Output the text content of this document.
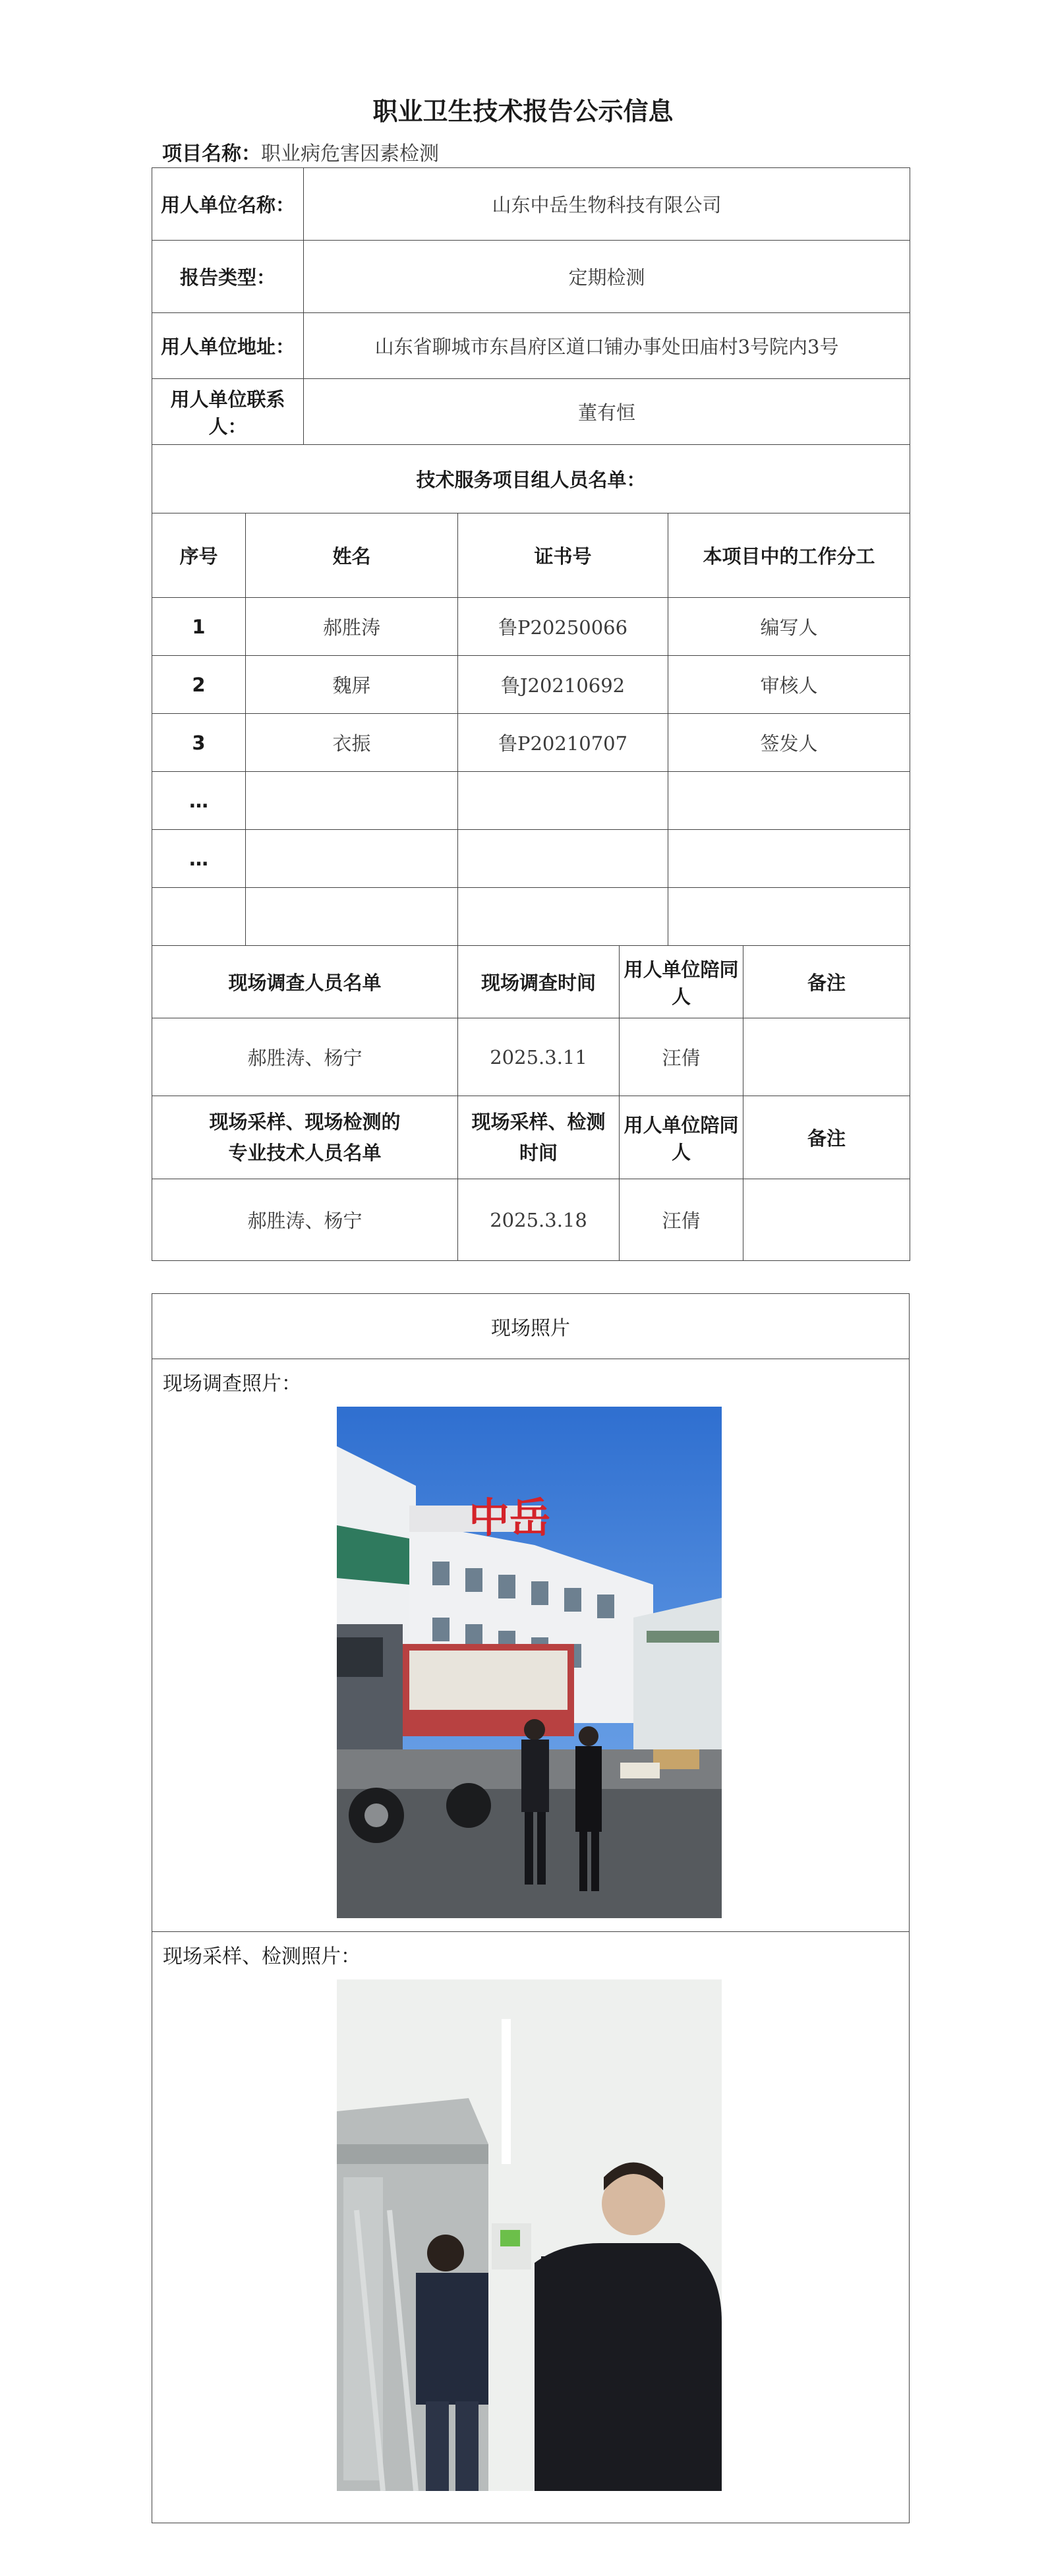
职业卫生技术报告公示信息
项目名称：职业病危害因素检测
用人单位名称：		山东中岳生物科技有限公司				
报告类型：		定期检测				
用人单位地址：		山东省聊城市东昌府区道口铺办事处田庙村3号院内3号				
用人单位联系人：		董有恒				
技术服务项目组人员名单：						
序号	姓名		证书号		本项目中的工作分工	
1	郝胜涛		鲁P20250066		编写人	
2	魏屏		鲁J20210692		审核人	
3	衣振		鲁P20210707		签发人	
…						
…						

现场调查人员名单			现场调查时间	用人单位陪同人		备注
郝胜涛、杨宁			2025.3.11	汪倩		
现场采样、现场检测的
专业技术人员名单			现场采样、检测
时间	用人单位陪同人		备注
郝胜涛、杨宁			2025.3.18	汪倩		
现场照片
现场调查照片：
中岳
现场采样、检测照片：
